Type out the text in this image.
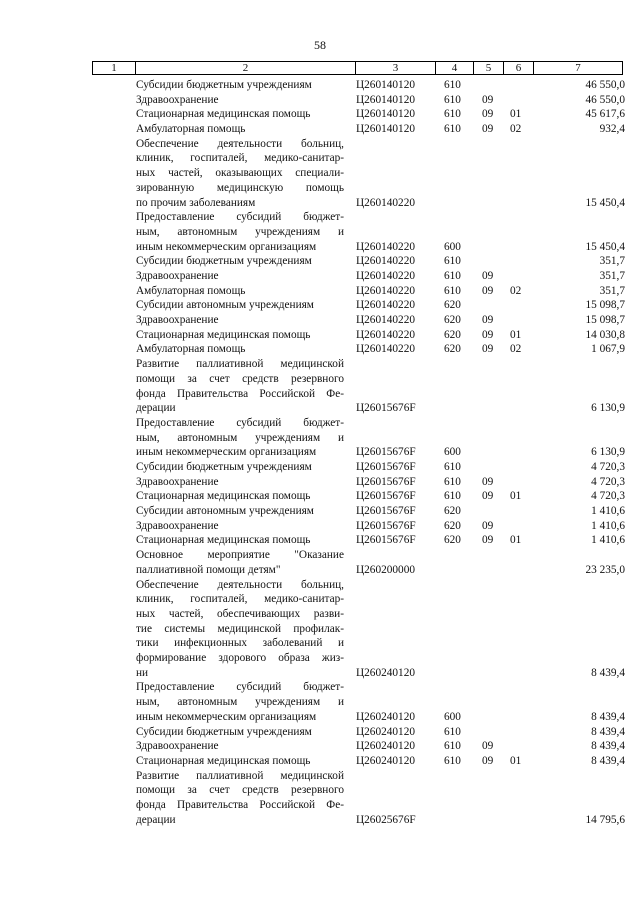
58
1	2	3	4	5	6	7
Субсидии бюджетным учреждениям	Ц260140120	610	46 550,0
Здравоохранение	Ц260140120	610 09	46 550,0
Стационарная медицинская помощь	Ц260140120	610 09 01	45 617,6
Амбулаторная помощь	Ц260140120	610 09 02	932,4
Обеспечение деятельности больниц,
клиник, госпиталей, медико-санитар-
ных частей, оказывающих специали-
зированную медицинскую помощь
по прочим заболеваниям	Ц260140220	15 450,4
Предоставление субсидий бюджет-
ным, автономным учреждениям и
иным некоммерческим организациям	Ц260140220	600	15 450,4
Субсидии бюджетным учреждениям	Ц260140220	610	351,7
Здравоохранение	Ц260140220	610 09	351,7
Амбулаторная помощь	Ц260140220	610 09 02	351,7
Субсидии автономным учреждениям	Ц260140220	620	15 098,7
Здравоохранение	Ц260140220	620 09	15 098,7
Стационарная медицинская помощь	Ц260140220	620 09 01	14 030,8
Амбулаторная помощь	Ц260140220	620 09 02	1 067,9
Развитие паллиативной медицинской
помощи за счет средств резервного
фонда Правительства Российской Фе-
дерации	Ц26015676F	6 130,9
Предоставление субсидий бюджет-
ным, автономным учреждениям и
иным некоммерческим организациям	Ц26015676F	600	6 130,9
Субсидии бюджетным учреждениям	Ц26015676F	610	4 720,3
Здравоохранение	Ц26015676F	610 09	4 720,3
Стационарная медицинская помощь	Ц26015676F	610 09 01	4 720,3
Субсидии автономным учреждениям	Ц26015676F	620	1 410,6
Здравоохранение	Ц26015676F	620 09	1 410,6
Стационарная медицинская помощь	Ц26015676F	620 09 01	1 410,6
Основное мероприятие "Оказание
паллиативной помощи детям"	Ц260200000	23 235,0
Обеспечение деятельности больниц,
клиник, госпиталей, медико-санитар-
ных частей, обеспечивающих разви-
тие системы медицинской профилак-
тики инфекционных заболеваний и
формирование здорового образа жиз-
ни	Ц260240120	8 439,4
Предоставление субсидий бюджет-
ным, автономным учреждениям и
иным некоммерческим организациям	Ц260240120	600	8 439,4
Субсидии бюджетным учреждениям	Ц260240120	610	8 439,4
Здравоохранение	Ц260240120	610 09	8 439,4
Стационарная медицинская помощь	Ц260240120	610 09 01	8 439,4
Развитие паллиативной медицинской
помощи за счет средств резервного
фонда Правительства Российской Фе-
дерации	Ц26025676F	14 795,6
